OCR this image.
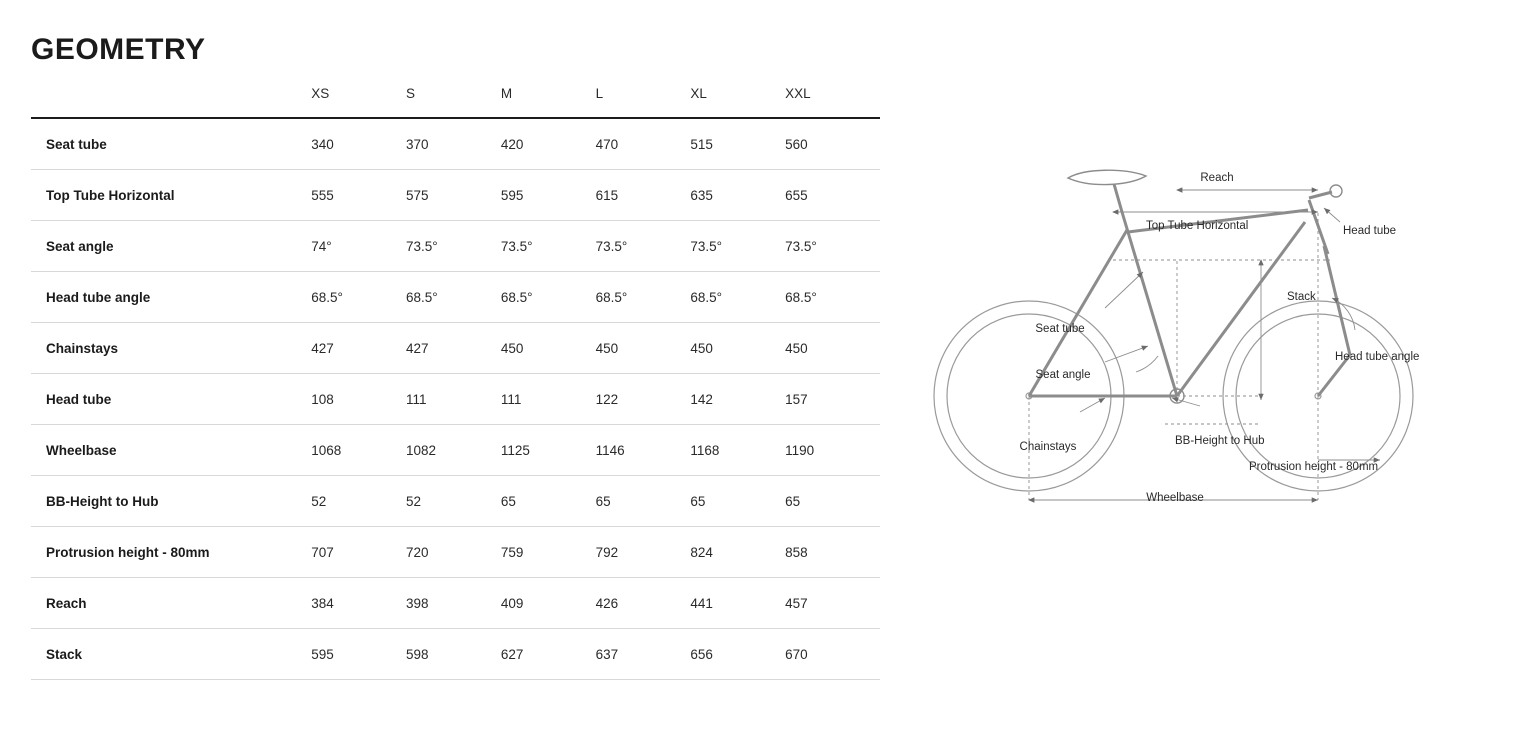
GEOMETRY
	XS	S	M	L	XL	XXL
Seat tube	340	370	420	470	515	560
Top Tube Horizontal	555	575	595	615	635	655
Seat angle	74°	73.5°	73.5°	73.5°	73.5°	73.5°
Head tube angle	68.5°	68.5°	68.5°	68.5°	68.5°	68.5°
Chainstays	427	427	450	450	450	450
Head tube	108	111	111	122	142	157
Wheelbase	1068	1082	1125	1146	1168	1190
BB-Height to Hub	52	52	65	65	65	65
Protrusion height - 80mm	707	720	759	792	824	858
Reach	384	398	409	426	441	457
Stack	595	598	627	637	656	670
Reach
Top Tube Horizontal	Head tube
Stack
Seat tube
Seat angle
Head tube angle
BB-Height to Hub
Chainstays
Protrusion height - 80mm
Wheelbase
